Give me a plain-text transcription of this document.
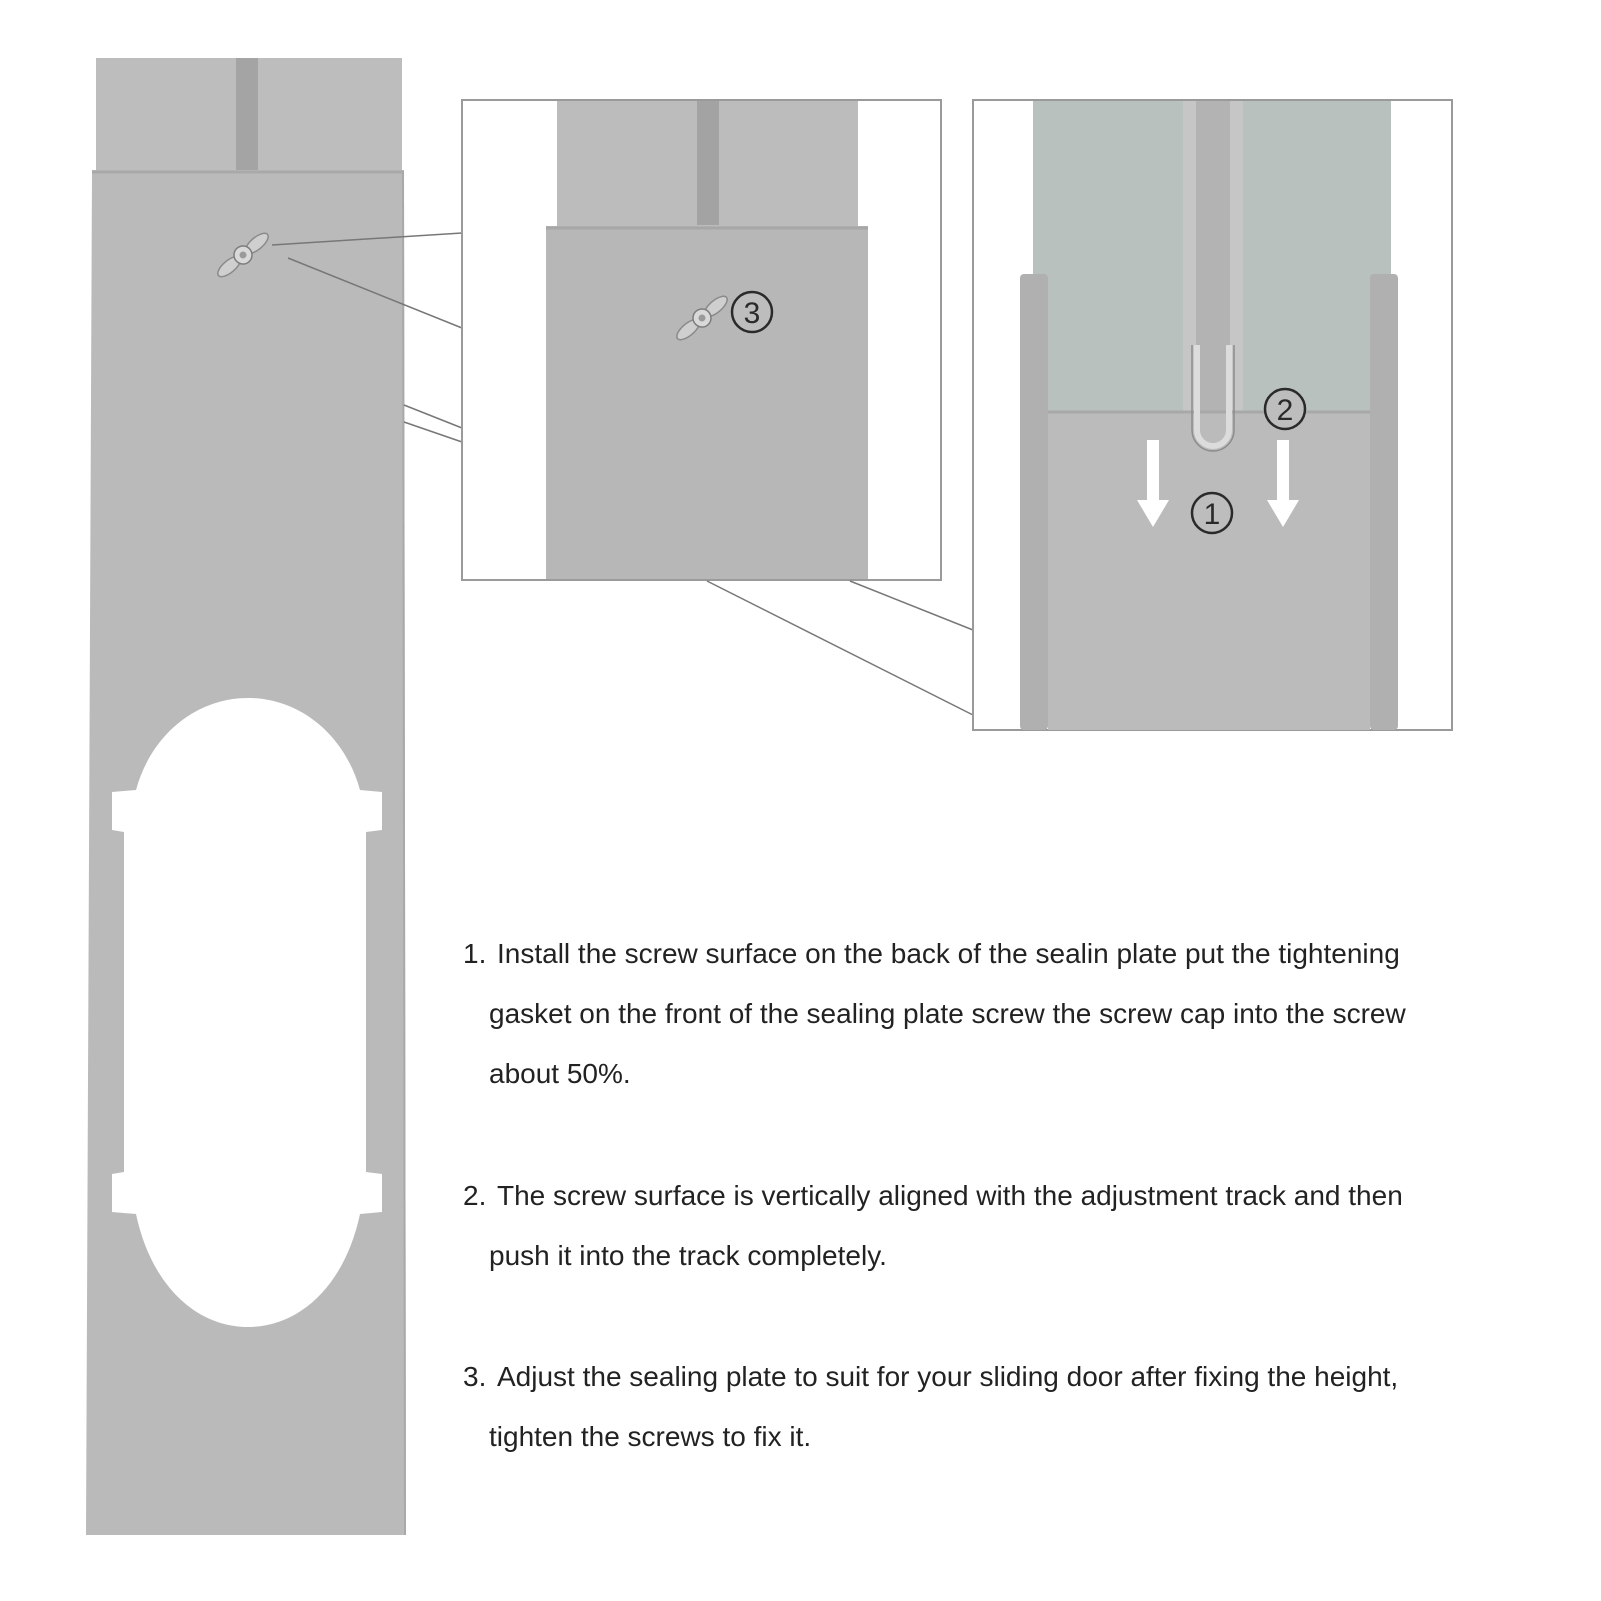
3
1
2
1. Install the screw surface on the back of the sealin plate put the tightening
gasket on the front of the sealing plate screw the screw cap into the screw
about 50%.
2. The screw surface is vertically aligned with the adjustment track and then
push it into the track completely.
3. Adjust the sealing plate to suit for your sliding door after fixing the height,
tighten the screws to fix it.
